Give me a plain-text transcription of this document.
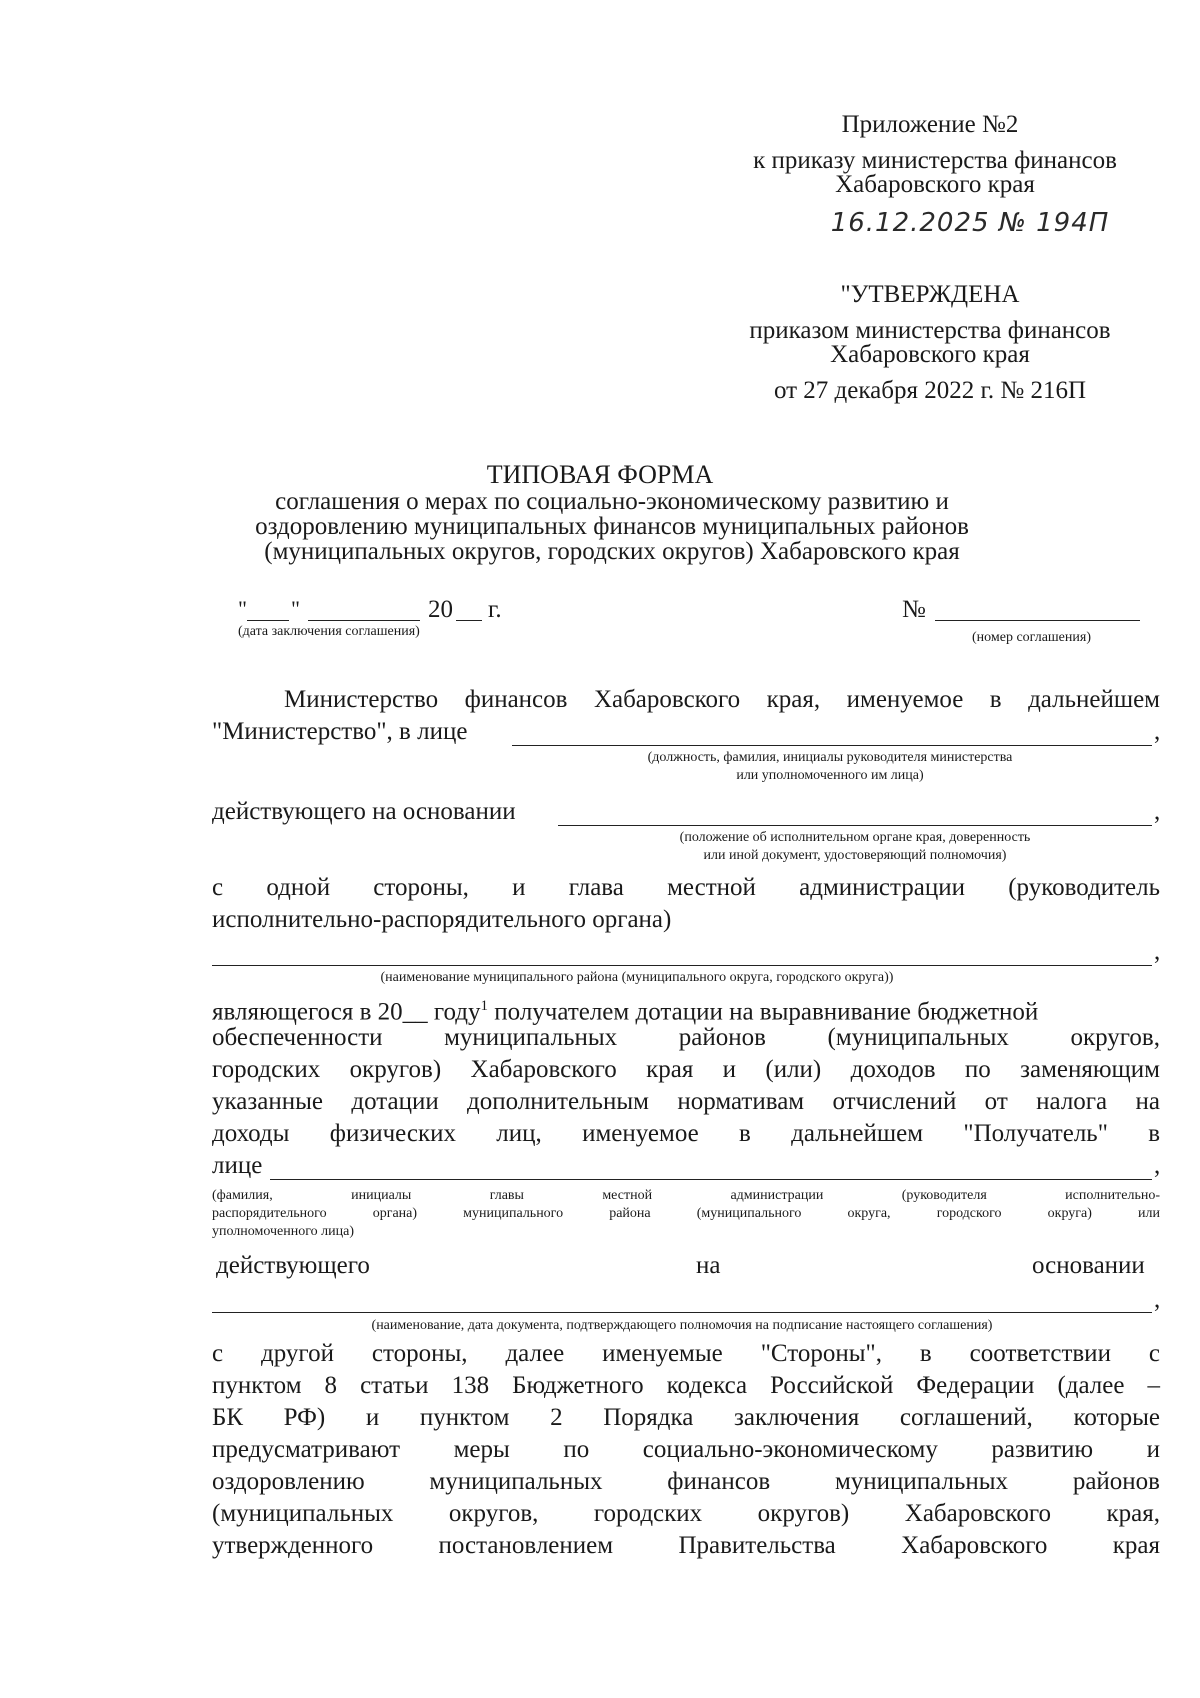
Приложение №2
к приказу министерства финансов
Хабаровского края
16.12.2025 № 194П
"УТВЕРЖДЕНА
приказом министерства финансов
Хабаровского края
от 27 декабря 2022 г. № 216П
ТИПОВАЯ ФОРМА
соглашения о мерах по социально-экономическому развитию и
оздоровлению муниципальных финансов муниципальных районов
(муниципальных округов, городских округов) Хабаровского края
" "	20 г.
(дата заключения соглашения)
№
(номер соглашения)
Министерство финансов Хабаровского края, именуемое в дальнейшем
"Министерство", в лице	,
(должность, фамилия, инициалы руководителя министерства
или уполномоченного им лица)
действующего на основании	,
(положение об исполнительном органе края, доверенность
или иной документ, удостоверяющий полномочия)
с одной стороны, и глава местной администрации (руководитель
исполнительно-распорядительного органа)
,
(наименование муниципального района (муниципального округа, городского округа))
являющегося в 20__ году$^1$ получателем дотации на выравнивание бюджетной
обеспеченности муниципальных районов (муниципальных округов,
городских округов) Хабаровского края и (или) доходов по заменяющим
указанные дотации дополнительным нормативам отчислений от налога на
доходы физических лиц, именуемое в дальнейшем "Получатель" в
лице	,
(фамилия, инициалы главы местной администрации (руководителя исполнительно-
распорядительного органа) муниципального района (муниципального округа, городского округа) или
уполномоченного лица)
действующего	на	основании
,
(наименование, дата документа, подтверждающего полномочия на подписание настоящего соглашения)
с другой стороны, далее именуемые "Стороны", в соответствии с
пунктом 8 статьи 138 Бюджетного кодекса Российской Федерации (далее –
БК РФ) и пунктом 2 Порядка заключения соглашений, которые
предусматривают меры по социально-экономическому развитию и
оздоровлению муниципальных финансов муниципальных районов
(муниципальных округов, городских округов) Хабаровского края,
утвержденного постановлением Правительства Хабаровского края
